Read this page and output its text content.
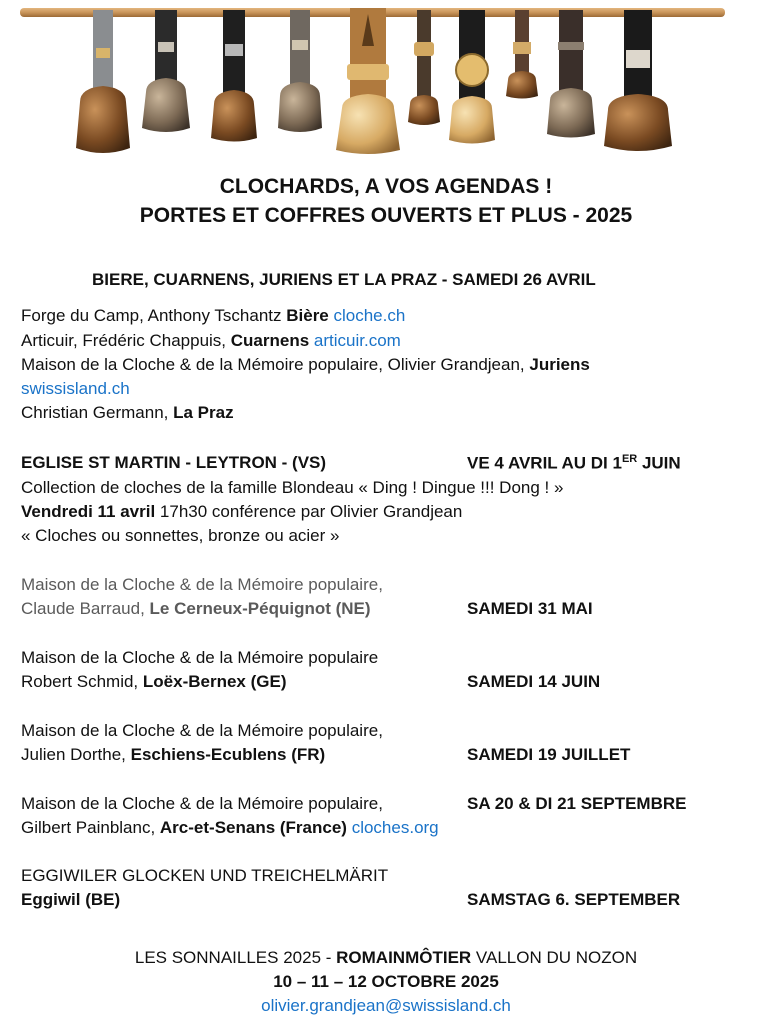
CLOCHARDS, A VOS AGENDAS !
PORTES ET COFFRES OUVERTS ET PLUS - 2025
BIERE, CUARNENS, JURIENS ET LA PRAZ - SAMEDI 26 AVRIL
Forge du Camp, Anthony Tschantz Bière cloche.ch
Articuir, Frédéric Chappuis, Cuarnens articuir.com
Maison de la Cloche & de la Mémoire populaire, Olivier Grandjean, Juriens
swissisland.ch
Christian Germann, La Praz
EGLISE ST MARTIN - LEYTRON - (VS)	VE 4 AVRIL AU DI 1ER JUIN
Collection de cloches de la famille Blondeau « Ding ! Dingue !!! Dong ! »
Vendredi 11 avril 17h30 conférence par Olivier Grandjean
« Cloches ou sonnettes, bronze ou acier »
Maison de la Cloche & de la Mémoire populaire,
Claude Barraud, Le Cerneux-Péquignot (NE)	SAMEDI 31 MAI
Maison de la Cloche & de la Mémoire populaire
Robert Schmid, Loëx-Bernex (GE)	SAMEDI 14 JUIN
Maison de la Cloche & de la Mémoire populaire,
Julien Dorthe, Eschiens-Ecublens (FR)	SAMEDI 19 JUILLET
Maison de la Cloche & de la Mémoire populaire,	SA 20 & DI 21 SEPTEMBRE
Gilbert Painblanc, Arc-et-Senans (France) cloches.org
EGGIWILER GLOCKEN UND TREICHELMÄRIT
Eggiwil (BE)	SAMSTAG 6. SEPTEMBER
LES SONNAILLES 2025 - ROMAINMÔTIER VALLON DU NOZON
10 – 11 – 12 OCTOBRE 2025
olivier.grandjean@swissisland.ch
